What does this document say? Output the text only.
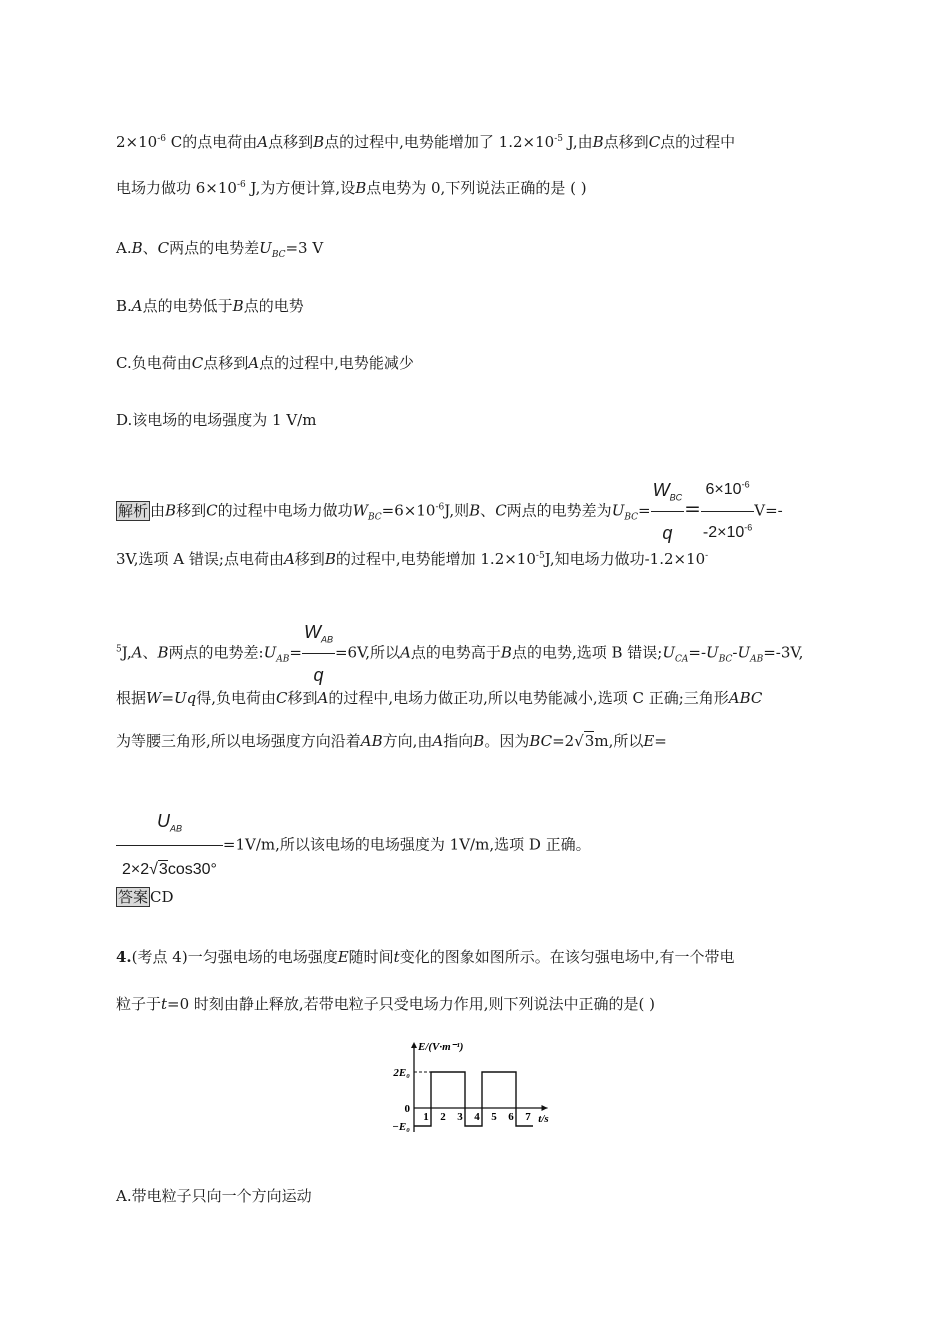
$2\times 10^{-6}$ C的点电荷由A点移到B点的过程中,电势能增加了 $1.2\times 10^{-5}$ J,由B点移到C点的过程中
电场力做功 $6\times 10^{-6}$ J,为方便计算,设B点电势为 0,下列说法正确的是 ( )
A.B、C两点的电势差$U_{BC}=3$ V
B.A点的电势低于B点的电势
C.负电荷由C点移到A点的过程中,电势能减少
D.该电场的电场强度为 1 V/m
解析 由B移到C的过程中电场力做功$W_{BC}=6\times 10^{-6}J$,则B、C两点的电势差为$U_{BC}= \frac{W_{BC}}{q} = \frac{6\times 10^{-6}}{-2\times 10^{-6}} V=-$
3V,选项 A 错误;点电荷由A移到B的过程中,电势能增加 $1.2\times 10^{-5}J$,知电场力做功-1.2×10-
$^5$J,A、B两点的电势差$:U_{AB}= \frac{W_{AB}}{q} =6V$,所以A点的电势高于B点的电势,选项 B 错误$;U_{CA}=-U_{BC}-U_{AB}=-3V$,
根据W=Uq得,负电荷由C移到A的过程中,电场力做正功,所以电势能减小,选项 C 正确;三角形ABC
为等腰三角形,所以电场强度方向沿着AB方向,由A指向B。因为BC=2√3m,所以E=
$\frac{U_{AB}}{2\times 2√3\cos 30^\circ} =1V/m$,所以该电场的电场强度为 1V/m,选项 D 正确。
答案 CD
4.(考点 4)一匀强电场的电场强度E随时间t变化的图象如图所示。在该匀强电场中,有一个带电
粒子于t=0 时刻由静止释放,若带电粒子只受电场力作用,则下列说法中正确的是( )
E/(V·m⁻¹)
t/s
2E₀
0
−E₀
1 2 3 4 5 6 7
A.带电粒子只向一个方向运动
